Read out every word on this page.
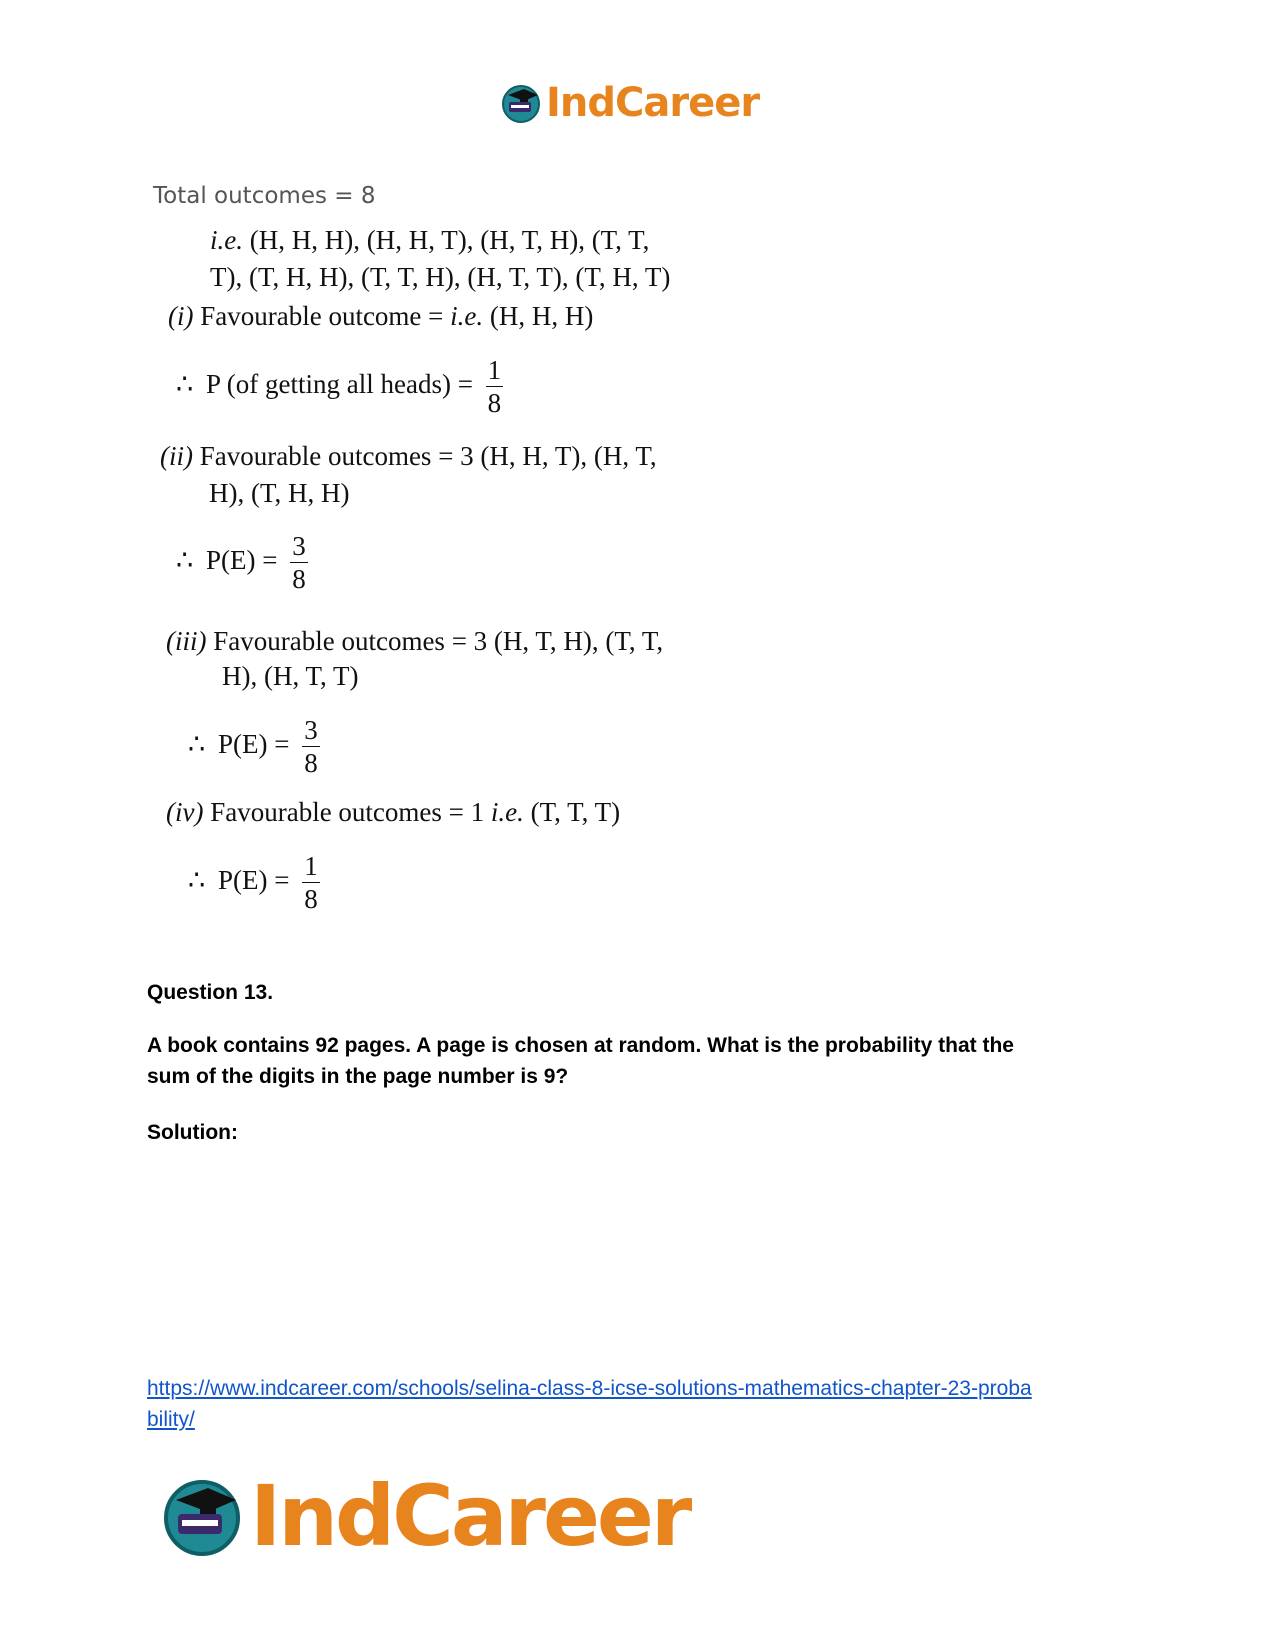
IndCareer
Total outcomes = 8
i.e. (H, H, H), (H, H, T), (H, T, H), (T, T,
T), (T, H, H), (T, T, H), (H, T, T), (T, H, T)
(i) Favourable outcome = i.e. (H, H, H)
∴ P (of getting all heads) = $\frac{1}{8}$
(ii) Favourable outcomes = 3 (H, H, T), (H, T,
H), (T, H, H)
∴ $P(E) = \frac{3}{8}$
(iii) Favourable outcomes = 3 (H, T, H), (T, T,
H), (H, T, T)
∴ $P(E) = \frac{3}{8}$
(iv) Favourable outcomes = 1 i.e. (T, T, T)
∴ $P(E) = \frac{1}{8}$
Question 13.
A book contains 92 pages. A page is chosen at random. What is the probability that the
sum of the digits in the page number is 9?
Solution:
https://www.indcareer.com/schools/selina-class-8-icse-solutions-mathematics-chapter-23-proba
bility/
IndCareer
